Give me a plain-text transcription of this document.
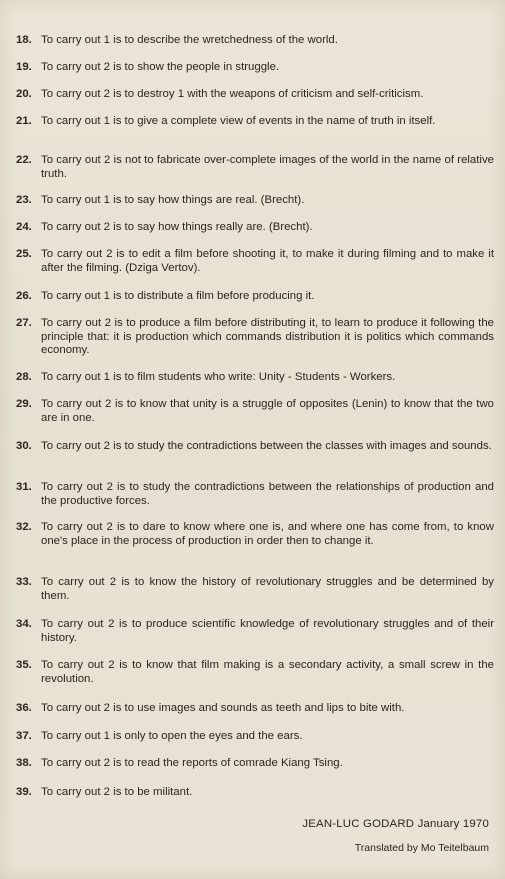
18. To carry out 1 is to describe the wretchedness of the world.
19. To carry out 2 is to show the people in struggle.
20. To carry out 2 is to destroy 1 with the weapons of criticism and self-criticism.
21. To carry out 1 is to give a complete view of events in the name of truth in itself.
22. To carry out 2 is not to fabricate over-complete images of the world in the name of relative truth.
23. To carry out 1 is to say how things are real. (Brecht).
24. To carry out 2 is to say how things really are. (Brecht).
25. To carry out 2 is to edit a film before shooting it, to make it during filming and to make it after the filming. (Dziga Vertov).
26. To carry out 1 is to distribute a film before producing it.
27. To carry out 2 is to produce a film before distributing it, to learn to produce it following the principle that: it is production which commands distribution it is politics which commands economy.
28. To carry out 1 is to film students who write: Unity - Students - Workers.
29. To carry out 2 is to know that unity is a struggle of opposites (Lenin) to know that the two are in one.
30. To carry out 2 is to study the contradictions between the classes with images and sounds.
31. To carry out 2 is to study the contradictions between the relationships of production and the productive forces.
32. To carry out 2 is to dare to know where one is, and where one has come from, to know one's place in the process of production in order then to change it.
33. To carry out 2 is to know the history of revolutionary struggles and be determined by them.
34. To carry out 2 is to produce scientific knowledge of revolutionary struggles and of their history.
35. To carry out 2 is to know that film making is a secondary activity, a small screw in the revolution.
36. To carry out 2 is to use images and sounds as teeth and lips to bite with.
37. To carry out 1 is only to open the eyes and the ears.
38. To carry out 2 is to read the reports of comrade Kiang Tsing.
39. To carry out 2 is to be militant.
JEAN-LUC GODARD January 1970
Translated by Mo Teitelbaum
